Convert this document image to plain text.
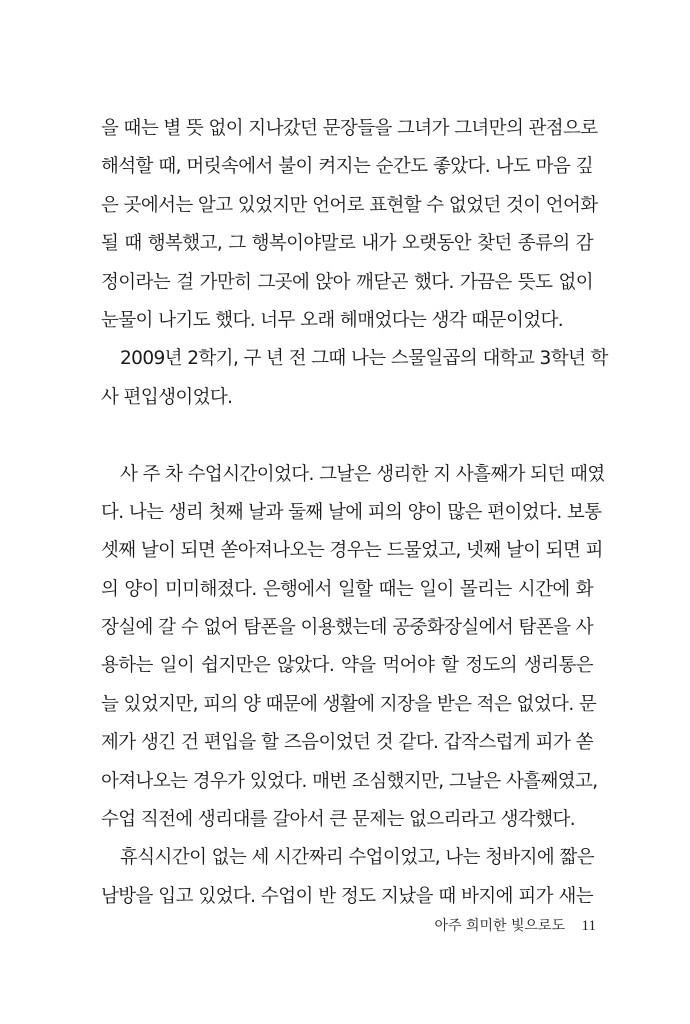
을 때는 별 뜻 없이 지나갔던 문장들을 그녀가 그녀만의 관점으로
해석할 때, 머릿속에서 불이 켜지는 순간도 좋았다. 나도 마음 깊
은 곳에서는 알고 있었지만 언어로 표현할 수 없었던 것이 언어화
될 때 행복했고, 그 행복이야말로 내가 오랫동안 찾던 종류의 감
정이라는 걸 가만히 그곳에 앉아 깨닫곤 했다. 가끔은 뜻도 없이
눈물이 나기도 했다. 너무 오래 헤매었다는 생각 때문이었다.
2009년 2학기, 구 년 전 그때 나는 스물일곱의 대학교 3학년 학
사 편입생이었다.
사 주 차 수업시간이었다. 그날은 생리한 지 사흘째가 되던 때였
다. 나는 생리 첫째 날과 둘째 날에 피의 양이 많은 편이었다. 보통
셋째 날이 되면 쏟아져나오는 경우는 드물었고, 넷째 날이 되면 피
의 양이 미미해졌다. 은행에서 일할 때는 일이 몰리는 시간에 화
장실에 갈 수 없어 탐폰을 이용했는데 공중화장실에서 탐폰을 사
용하는 일이 쉽지만은 않았다. 약을 먹어야 할 정도의 생리통은
늘 있었지만, 피의 양 때문에 생활에 지장을 받은 적은 없었다. 문
제가 생긴 건 편입을 할 즈음이었던 것 같다. 갑작스럽게 피가 쏟
아져나오는 경우가 있었다. 매번 조심했지만, 그날은 사흘째였고,
수업 직전에 생리대를 갈아서 큰 문제는 없으리라고 생각했다.
휴식시간이 없는 세 시간짜리 수업이었고, 나는 청바지에 짧은
남방을 입고 있었다. 수업이 반 정도 지났을 때 바지에 피가 새는
아주 희미한 빛으로도 11
